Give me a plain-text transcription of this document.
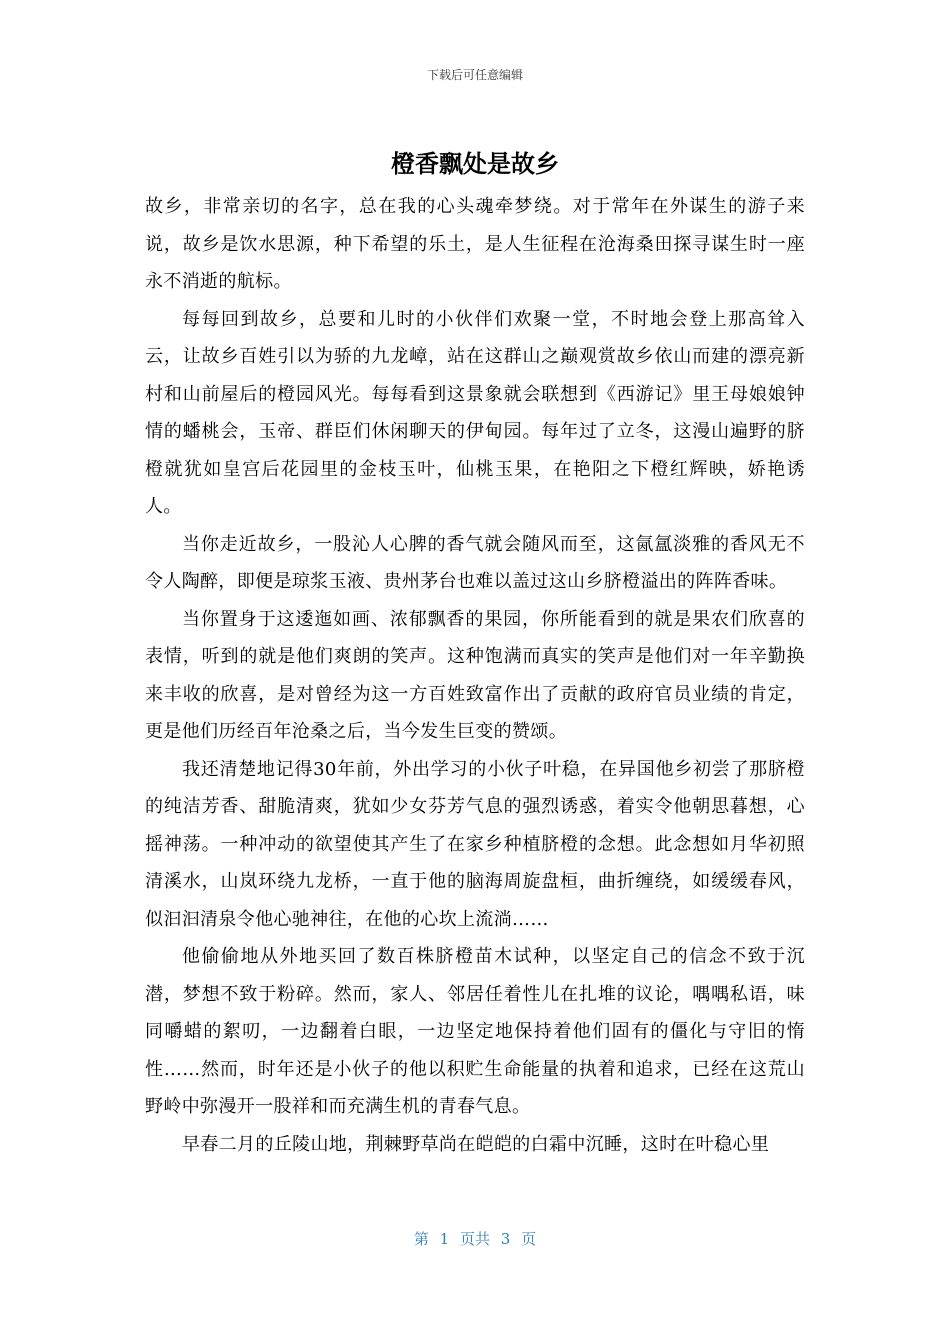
下载后可任意编辑
橙香飘处是故乡

故乡，非常亲切的名字，总在我的心头魂牵梦绕。对于常年在外谋生的游子来说，故乡是饮水思源，种下希望的乐土，是人生征程在沧海桑田探寻谋生时一座永不消逝的航标。

每每回到故乡，总要和儿时的小伙伴们欢聚一堂，不时地会登上那高耸入云，让故乡百姓引以为骄的九龙嶂，站在这群山之巅观赏故乡依山而建的漂亮新村和山前屋后的橙园风光。每每看到这景象就会联想到《西游记》里王母娘娘钟情的蟠桃会，玉帝、群臣们休闲聊天的伊甸园。每年过了立冬，这漫山遍野的脐橙就犹如皇宫后花园里的金枝玉叶，仙桃玉果，在艳阳之下橙红辉映，娇艳诱人。

当你走近故乡，一股沁人心脾的香气就会随风而至，这氤氲淡雅的香风无不令人陶醉，即便是琼浆玉液、贵州茅台也难以盖过这山乡脐橙溢出的阵阵香味。

当你置身于这逶迤如画、浓郁飘香的果园，你所能看到的就是果农们欣喜的表情，听到的就是他们爽朗的笑声。这种饱满而真实的笑声是他们对一年辛勤换来丰收的欣喜，是对曾经为这一方百姓致富作出了贡献的政府官员业绩的肯定，更是他们历经百年沧桑之后，当今发生巨变的赞颂。

我还清楚地记得30年前，外出学习的小伙子叶稳，在异国他乡初尝了那脐橙的纯洁芳香、甜脆清爽，犹如少女芬芳气息的强烈诱惑，着实令他朝思暮想，心摇神荡。一种冲动的欲望使其产生了在家乡种植脐橙的念想。此念想如月华初照清溪水，山岚环绕九龙桥，一直于他的脑海周旋盘桓，曲折缠绕，如缓缓春风，似汩汩清泉令他心驰神往，在他的心坎上流淌……

他偷偷地从外地买回了数百株脐橙苗木试种，以坚定自己的信念不致于沉潜，梦想不致于粉碎。然而，家人、邻居任着性儿在扎堆的议论，喁喁私语，味同嚼蜡的絮叨，一边翻着白眼，一边坚定地保持着他们固有的僵化与守旧的惰性……然而，时年还是小伙子的他以积贮生命能量的执着和追求，已经在这荒山野岭中弥漫开一股祥和而充满生机的青春气息。

早春二月的丘陵山地，荆棘野草尚在皑皑的白霜中沉睡，这时在叶稳心里

第 1 页共 3 页
